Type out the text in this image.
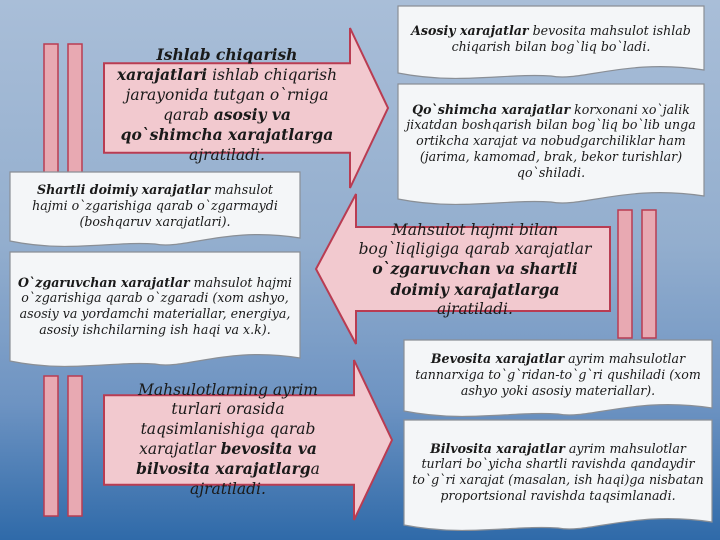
Ishlab chiqarish xarajatlari ishlab chiqarish jarayonida tutgan o`rniga qarab asosiy va qo`shimcha xarajatlarga ajratiladi.
Mahsulot hajmi bilan bog`liqligiga qarab xarajatlar o`zgaruvchan va shartli doimiy xarajatlarga ajratiladi.
Mahsulotlarning ayrim turlari orasida taqsimlanishiga qarab xarajatlar bevosita va bilvosita xarajatlarga ajratiladi.
Asosiy xarajatlar bevosita mahsulot ishlab chiqarish bilan bog`liq bo`ladi.
Qo`shimcha xarajatlar korxonani xo`jalik jixatdan boshqarish bilan bog`liq bo`lib unga ortikcha xarajat va nobudgarchiliklar ham (jarima, kamomad, brak, bekor turishlar) qo`shiladi.
Shartli doimiy xarajatlar mahsulot hajmi o`zgarishiga qarab o`zgarmaydi (boshqaruv xarajatlari).
O`zgaruvchan xarajatlar mahsulot hajmi o`zgarishiga qarab o`zgaradi (xom ashyo, asosiy va yordamchi materiallar, energiya, asosiy ishchilarning ish haqi va x.k).
Bevosita xarajatlar ayrim mahsulotlar tannarxiga to`g`ridan-to`g`ri qushiladi (xom ashyo yoki asosiy materiallar).
Bilvosita xarajatlar ayrim mahsulotlar turlari bo`yicha shartli ravishda qandaydir to`g`ri xarajat (masalan, ish haqi)ga nisbatan proportsional ravishda taqsimlanadi.
